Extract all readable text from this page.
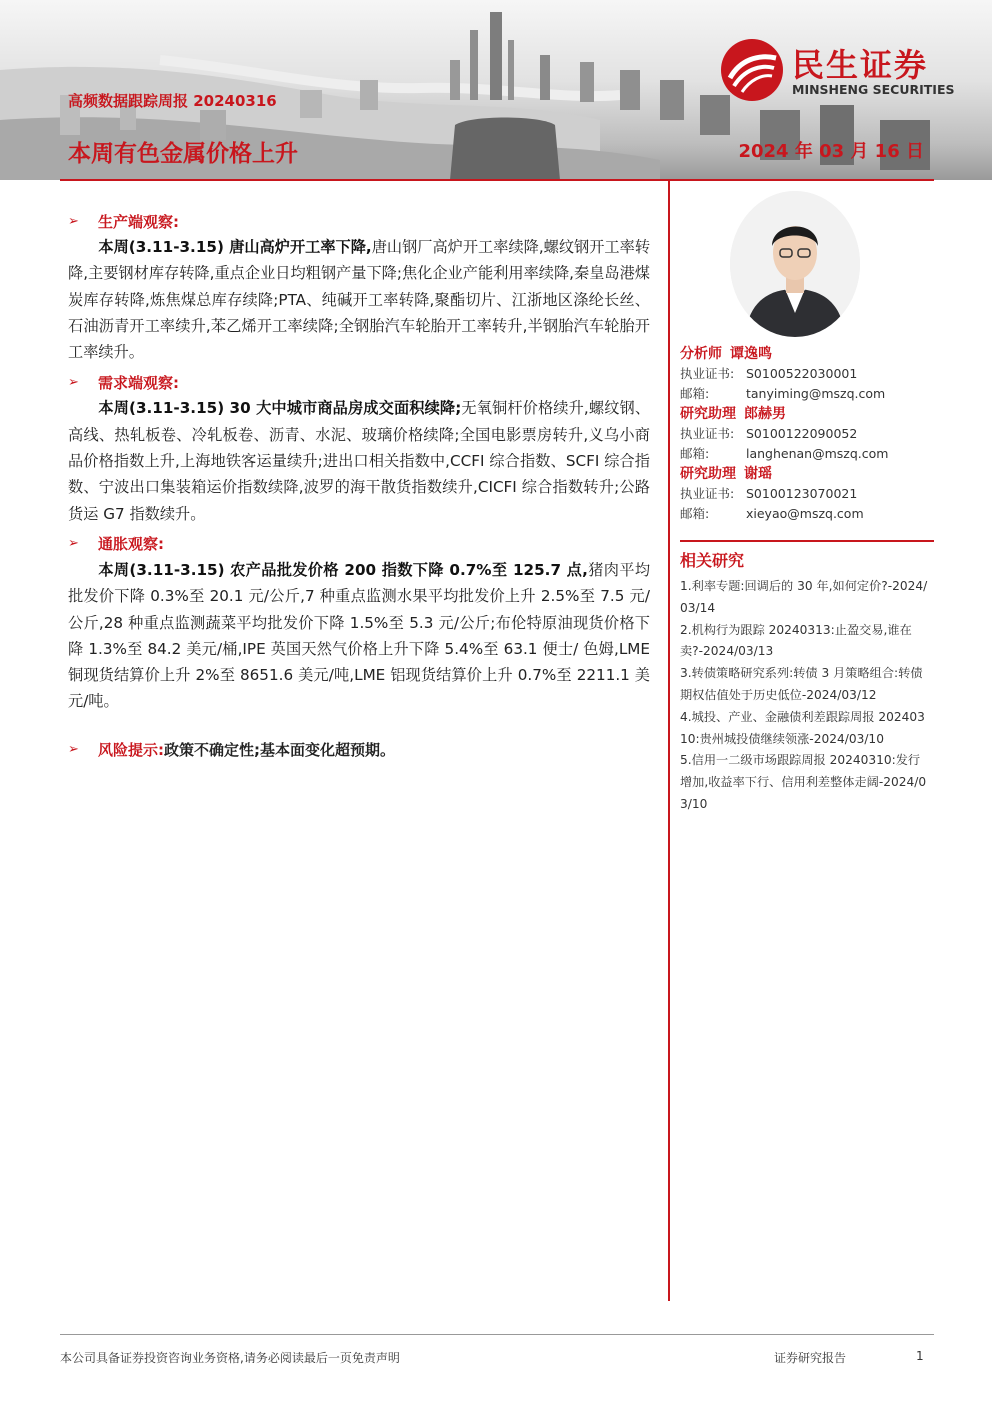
民生证券
MINSHENG SECURITIES
高频数据跟踪周报 20240316
本周有色金属价格上升	2024 年 03 月 16 日
➢	生产端观察:

本周(3.11-3.15) 唐山高炉开工率下降,唐山钢厂高炉开工率续降,螺纹钢开工率转降,主要钢材库存转降,重点企业日均粗钢产量下降;焦化企业产能利用率续降,秦皇岛港煤炭库存转降,炼焦煤总库存续降;PTA、纯碱开工率转降,聚酯切片、江浙地区涤纶长丝、石油沥青开工率续升,苯乙烯开工率续降;全钢胎汽车轮胎开工率转升,半钢胎汽车轮胎开工率续升。

➢	需求端观察:

本周(3.11-3.15) 30 大中城市商品房成交面积续降;无氧铜杆价格续升,螺纹钢、高线、热轧板卷、冷轧板卷、沥青、水泥、玻璃价格续降;全国电影票房转升,义乌小商品价格指数上升,上海地铁客运量续升;进出口相关指数中,CCFI 综合指数、SCFI 综合指数、宁波出口集装箱运价指数续降,波罗的海干散货指数续升,CICFI 综合指数转升;公路货运 G7 指数续升。

➢	通胀观察:

本周(3.11-3.15) 农产品批发价格 200 指数下降 0.7%至 125.7 点,猪肉平均批发价下降 0.3%至 20.1 元/公斤,7 种重点监测水果平均批发价上升 2.5%至 7.5 元/公斤,28 种重点监测蔬菜平均批发价下降 1.5%至 5.3 元/公斤;布伦特原油现货价格下降 1.3%至 84.2 美元/桶,IPE 英国天然气价格上升下降 5.4%至 63.1 便士/ 色姆,LME 铜现货结算价上升 2%至 8651.6 美元/吨,LME 铝现货结算价上升 0.7%至 2211.1 美元/吨。

➢	风险提示: 政策不确定性;基本面变化超预期。
分析师 谭逸鸣
执业证书: S0100522030001
邮箱:	tanyiming@mszq.com
研究助理 郎赫男
执业证书: S0100122090052
邮箱:	langhenan@mszq.com
研究助理 谢瑶
执业证书: S0100123070021
邮箱:	xieyao@mszq.com
相关研究
1.利率专题:回调后的 30 年,如何定价?-2024/03/14
2.机构行为跟踪 20240313:止盈交易,谁在卖?-2024/03/13
3.转债策略研究系列:转债 3 月策略组合:转债期权估值处于历史低位-2024/03/12
4.城投、产业、金融债利差跟踪周报 20240310:贵州城投债继续领涨-2024/03/10
5.信用一二级市场跟踪周报 20240310:发行增加,收益率下行、信用利差整体走阔-2024/03/10
本公司具备证券投资咨询业务资格,请务必阅读最后一页免责声明	证券研究报告	1
